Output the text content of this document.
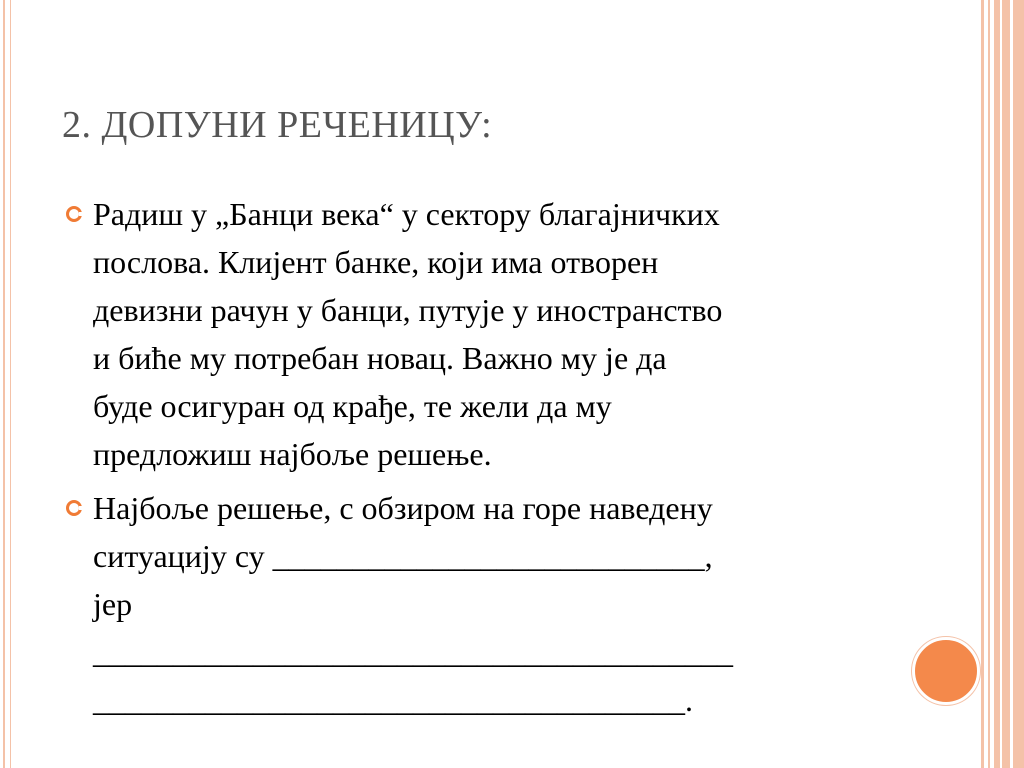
2. ДОПУНИ РЕЧЕНИЦУ:
Радиш у „Банци века“ у сектору благајничких
послова. Клијент банке, који има отворен
девизни рачун у банци, путује у иностранство
и биће му потребан новац. Важно му је да
буде осигуран од крађе, те жели да му
предложиш најбоље решење.
Најбоље решење, с обзиром на горе наведену
ситуацију су ___________________________,
јер
________________________________________
_____________________________________.
